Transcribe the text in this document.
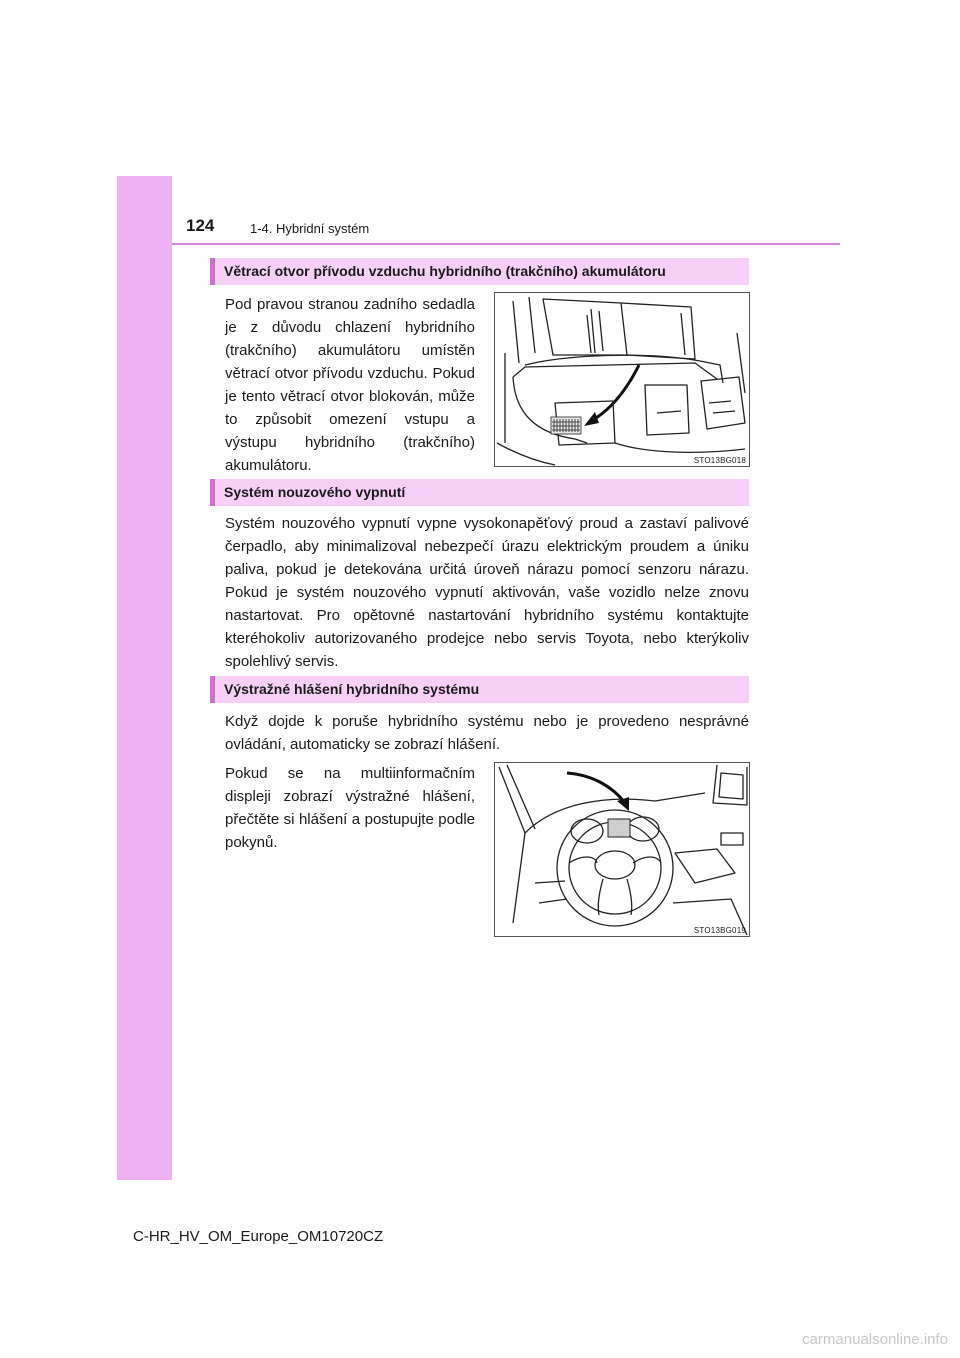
124	1-4. Hybridní systém
Větrací otvor přívodu vzduchu hybridního (trakčního) akumulátoru
Pod pravou stranou zadního sedadla je z důvodu chlazení hybridního (trakčního) akumulátoru umístěn větrací otvor přívodu vzduchu. Pokud je tento větrací otvor blokován, může to způsobit omezení vstupu a výstupu hybridního (trakčního) akumulátoru.	STO13BG018
Systém nouzového vypnutí
Systém nouzového vypnutí vypne vysokonapěťový proud a zastaví palivové čerpadlo, aby minimalizoval nebezpečí úrazu elektrickým proudem a úniku paliva, pokud je detekována určitá úroveň nárazu pomocí senzoru nárazu. Pokud je systém nouzového vypnutí aktivován, vaše vozidlo nelze znovu nastartovat. Pro opětovné nastartování hybridního systému kontaktujte kteréhokoliv autorizovaného prodejce nebo servis Toyota, nebo kterýkoliv spolehlivý servis.
Výstražné hlášení hybridního systému
Když dojde k poruše hybridního systému nebo je provedeno nesprávné ovládání, automaticky se zobrazí hlášení.
Pokud se na multiinformačním displeji zobrazí výstražné hlášení, přečtěte si hlášení a postupujte podle pokynů.
STO13BG019
C-HR_HV_OM_Europe_OM10720CZ
carmanualsonline.info
